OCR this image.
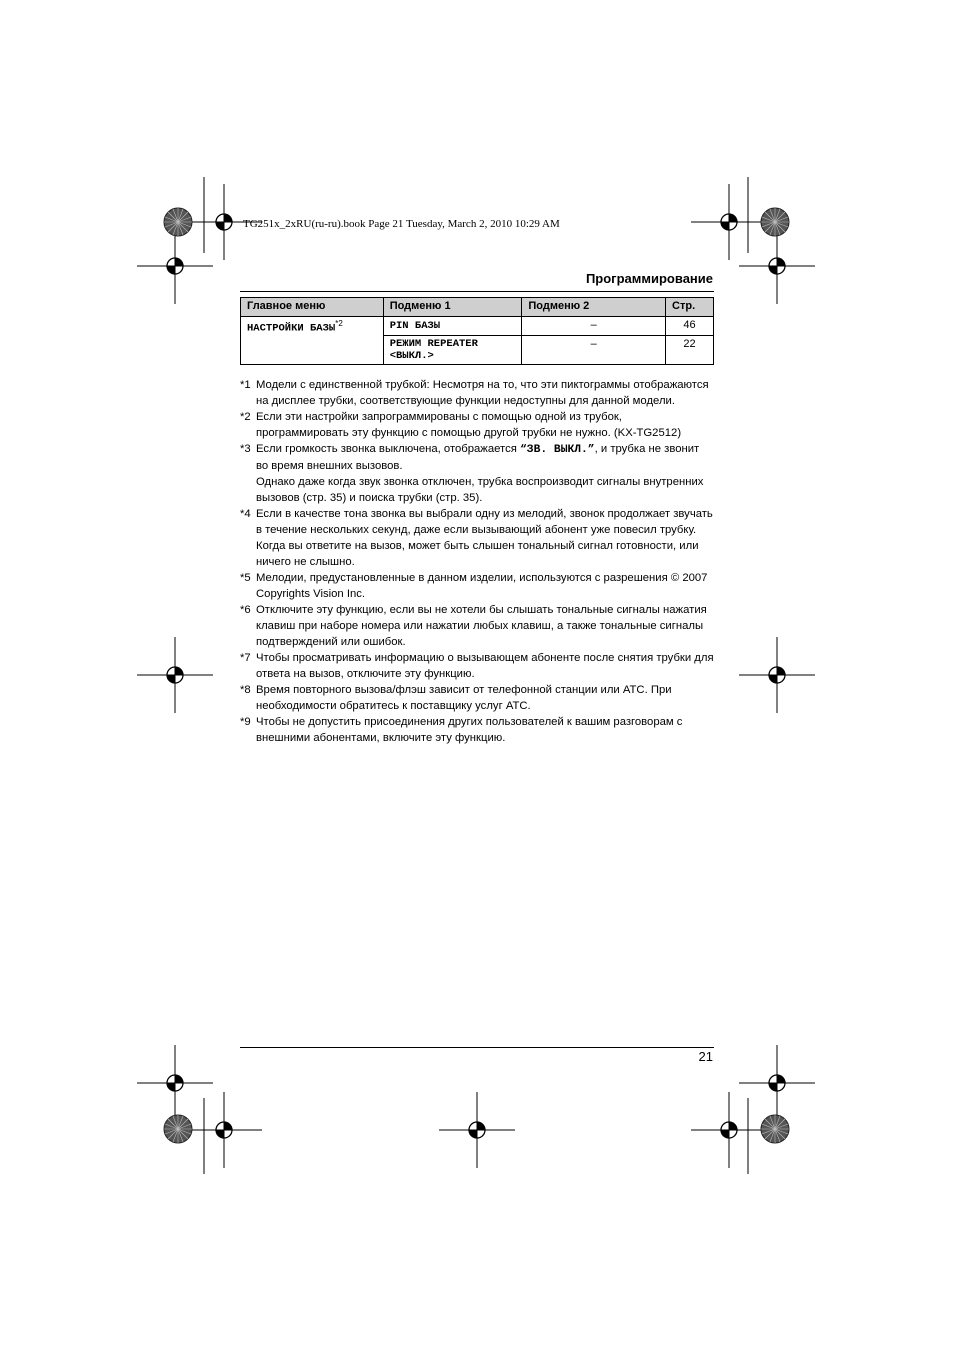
TG251x_2xRU(ru-ru).book Page 21 Tuesday, March 2, 2010 10:29 AM
Программирование
Главное меню	Подменю 1	Подменю 2	Стр.
НАСТРОЙКИ БАЗЫ$^{*2}$	PIN БАЗЫ	–	46

	РЕЖИМ REPEATER
<ВЫКЛ.>	–	22
*1 Модели с единственной трубкой: Несмотря на то, что эти пиктограммы отображаются на дисплее трубки, соответствующие функции недоступны для данной модели.

*2 Если эти настройки запрограммированы с помощью одной из трубок, программировать эту функцию с помощью другой трубки не нужно. (KX-TG2512)

*3 Если громкость звонка выключена, отображается “ЗВ. ВЫКЛ.”, и трубка не звонит во время внешних вызовов.

Однако даже когда звук звонка отключен, трубка воспроизводит сигналы внутренних вызовов (стр. 35) и поиска трубки (стр. 35).

*4 Если в качестве тона звонка вы выбрали одну из мелодий, звонок продолжает звучать в течение нескольких секунд, даже если вызывающий абонент уже повесил трубку. Когда вы ответите на вызов, может быть слышен тональный сигнал готовности, или ничего не слышно.

*5 Мелодии, предустановленные в данном изделии, используются с разрешения © 2007 Copyrights Vision Inc.

*6 Отключите эту функцию, если вы не хотели бы слышать тональные сигналы нажатия клавиш при наборе номера или нажатии любых клавиш, а также тональные сигналы подтверждений или ошибок.

*7 Чтобы просматривать информацию о вызывающем абоненте после снятия трубки для ответа на вызов, отключите эту функцию.

*8 Время повторного вызова/флэш зависит от телефонной станции или АТС. При необходимости обратитесь к поставщику услуг АТС.

*9 Чтобы не допустить присоединения других пользователей к вашим разговорам с внешними абонентами, включите эту функцию.

21
